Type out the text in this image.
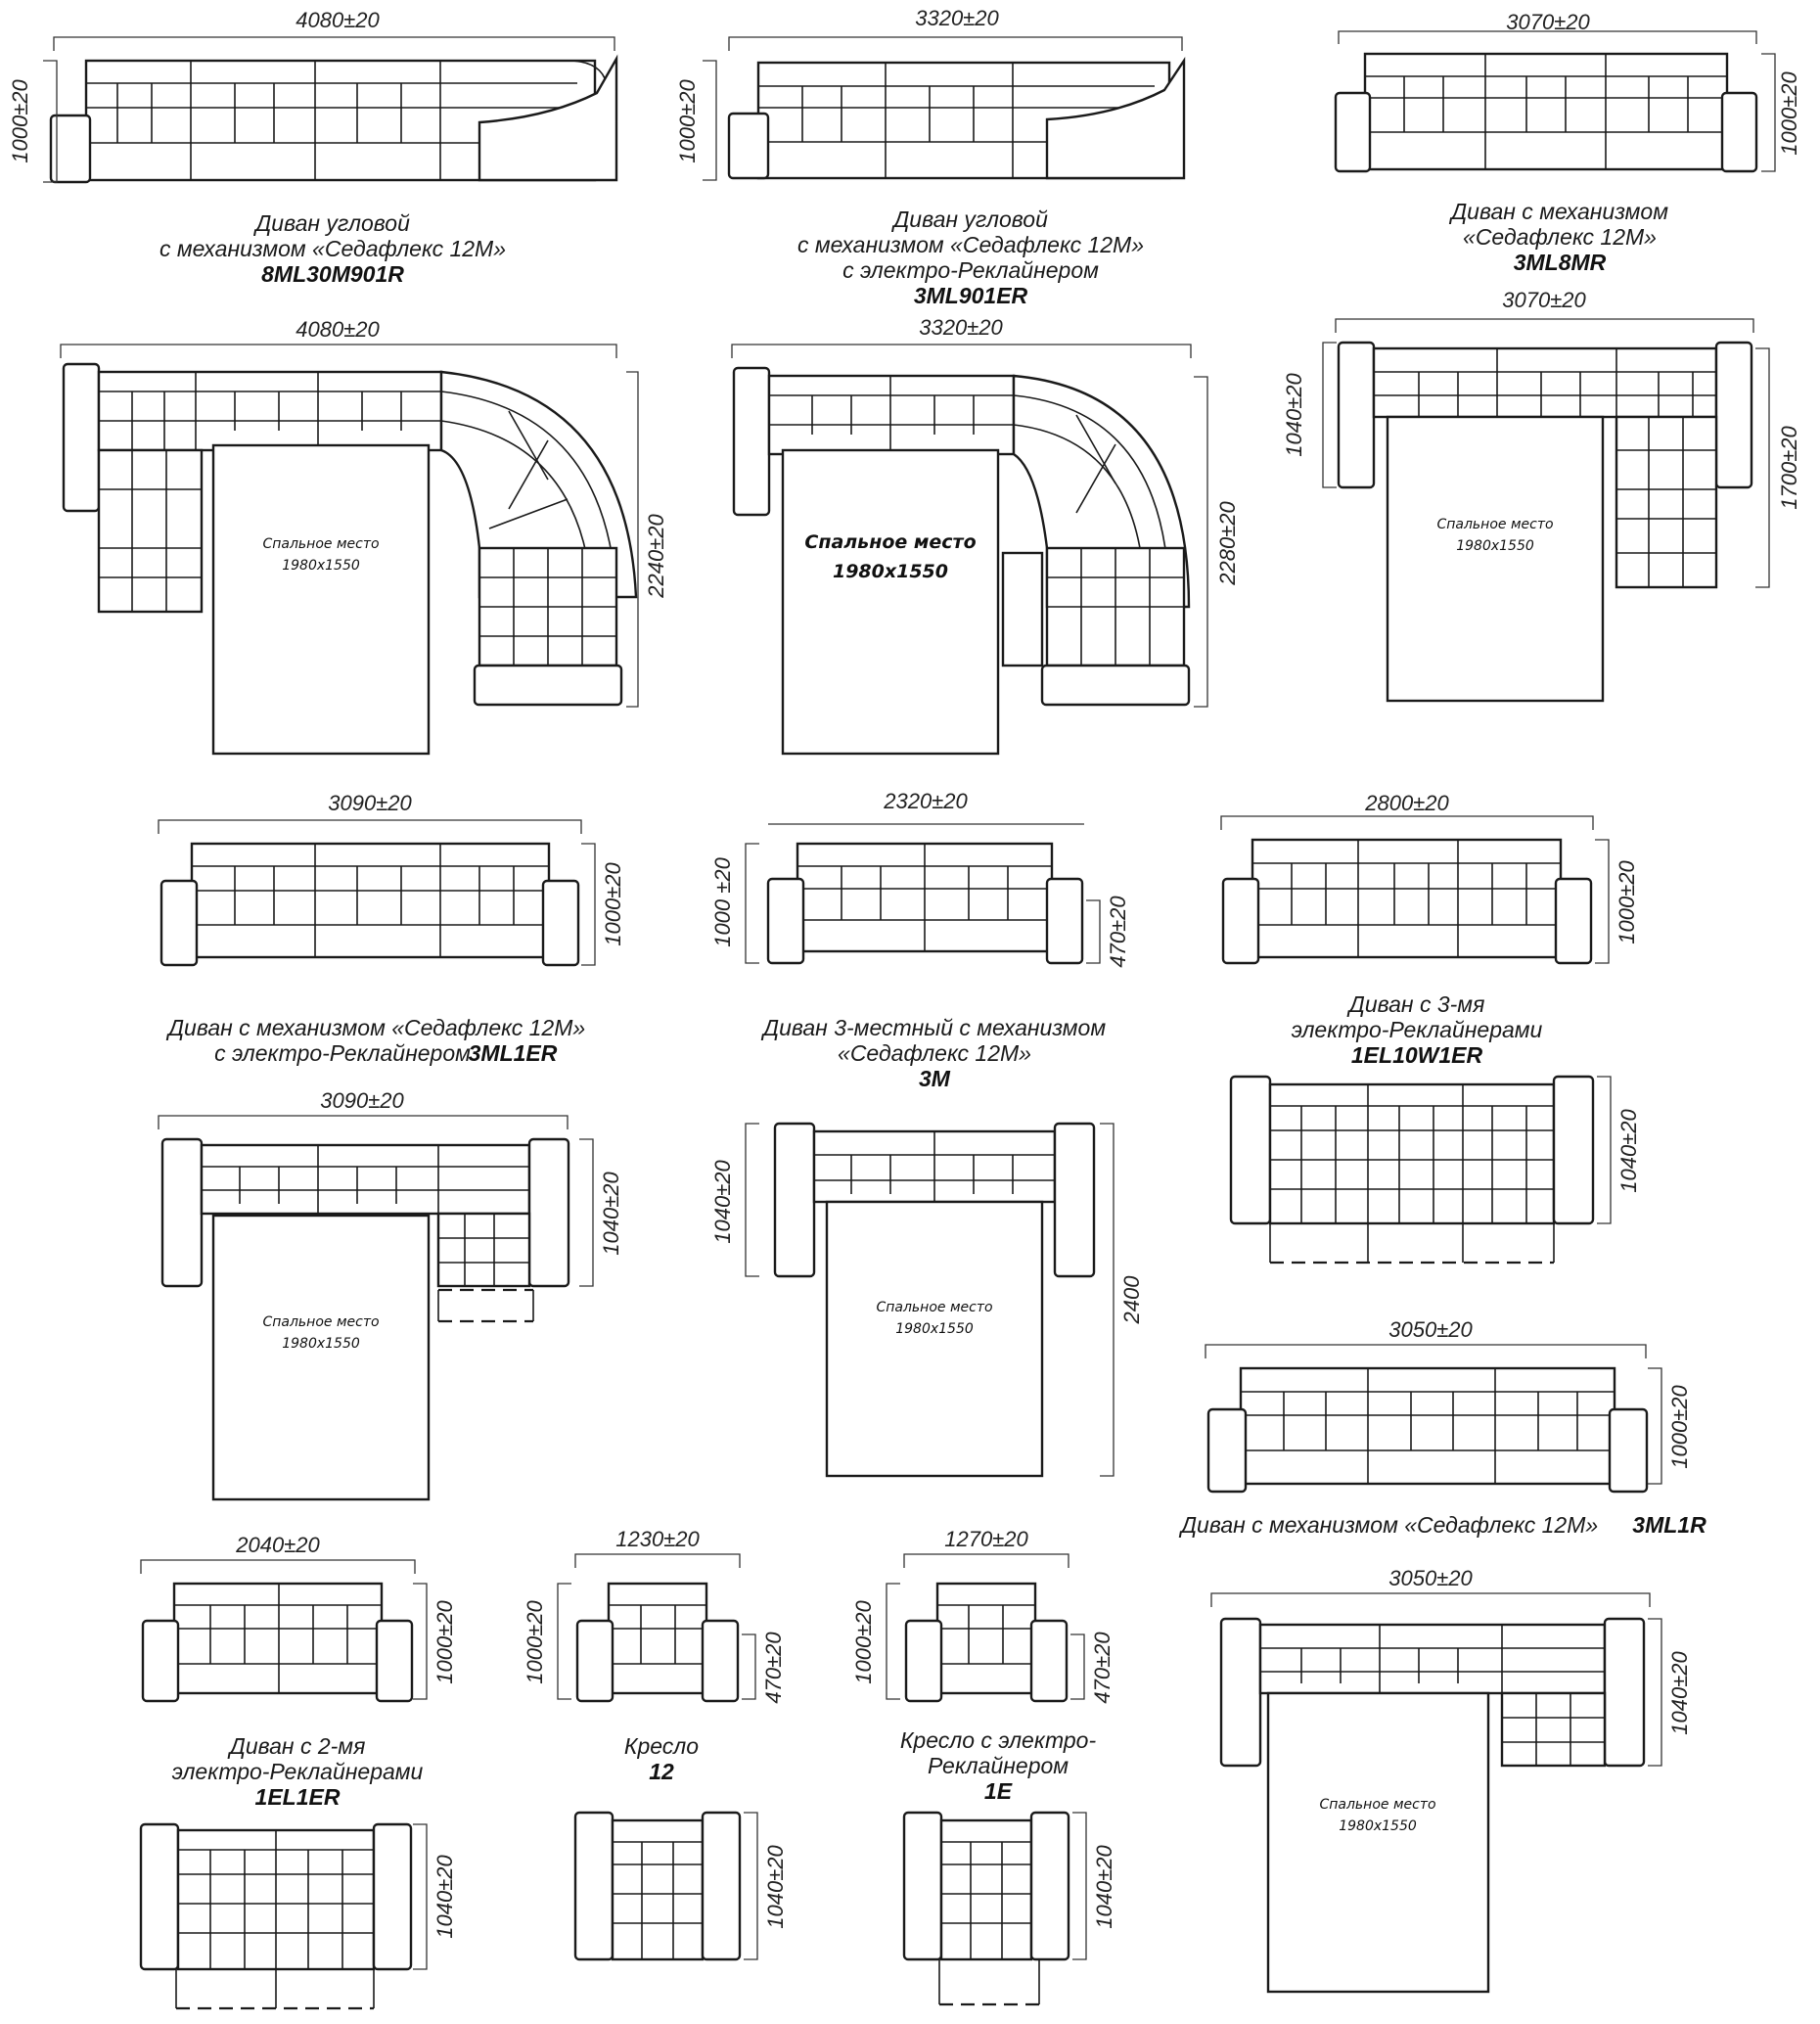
Спальное место
1980x1550
Спальное место
1980x1550
Спальное место
1980x1550
Спальное место
1980x1550
Спальное место
1980x1550
Спальное место
1980x1550
4080±20
1000±20
3320±20
1000±20
3070±20
1000±20
4080±20
2240±20
3320±20
2280±20
3070±20
1040±20
1700±20
3090±20
1000±20
2320±20
1000 ±20	470±20
2800±20
1000±20
3090±20
1040±20	1040±20
2400
1040±20
3050±20
1000±20
3050±20
1040±20
2040±20
1000±20
1230±20
1000±20	470±20
1270±20
1000±20	470±20
1040±20	1040±20	1040±20
Диван угловой
с механизмом «Седафлекс 12М»
8ML30M901R
Диван угловой
с механизмом «Седафлекс 12М»
с электро-Реклайнером
3ML901ER
Диван с механизмом
«Седафлекс 12М»
3ML8MR
Диван с механизмом «Седафлекс 12М»
с электро-Реклайнером
3ML1ER
Диван 3-местный с механизмом
«Седафлекс 12М»
3М
Диван с 3-мя
электро-Реклайнерами
1EL10W1ER
Диван с механизмом «Седафлекс 12М» 3ML1R
Диван с 2-мя
электро-Реклайнерами
1EL1ER
Кресло
12
Кресло с электро-
Реклайнером
1E
